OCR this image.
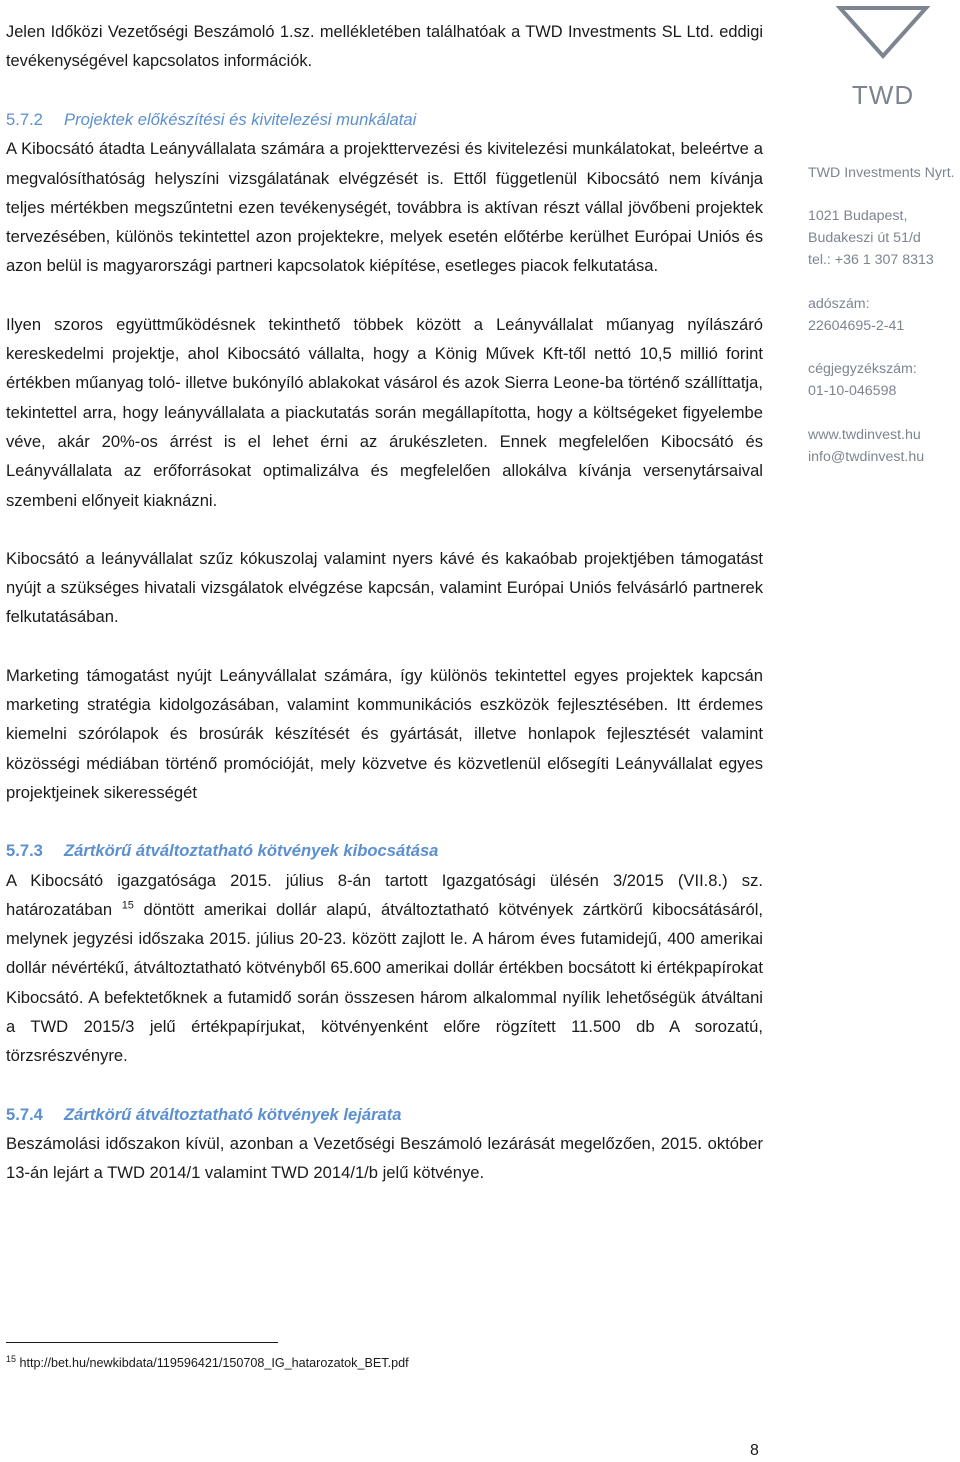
Jelen Időközi Vezetőségi Beszámoló 1.sz. mellékletében találhatóak a TWD Investments SL Ltd. eddigi tevékenységével kapcsolatos információk.

5.7.2 Projektek előkészítési és kivitelezési munkálatai

A Kibocsátó átadta Leányvállalata számára a projekttervezési és kivitelezési munkálatokat, beleértve a megvalósíthatóság helyszíni vizsgálatának elvégzését is. Ettől függetlenül Kibocsátó nem kívánja teljes mértékben megszűntetni ezen tevékenységét, továbbra is aktívan részt vállal jövőbeni projektek tervezésében, különös tekintettel azon projektekre, melyek esetén előtérbe kerülhet Európai Uniós és azon belül is magyarországi partneri kapcsolatok kiépítése, esetleges piacok felkutatása.

Ilyen szoros együttműködésnek tekinthető többek között a Leányvállalat műanyag nyílászáró kereskedelmi projektje, ahol Kibocsátó vállalta, hogy a König Művek Kft-től nettó 10,5 millió forint értékben műanyag toló- illetve bukónyíló ablakokat vásárol és azok Sierra Leone-ba történő szállíttatja, tekintettel arra, hogy leányvállalata a piackutatás során megállapította, hogy a költségeket figyelembe véve, akár 20%-os árrést is el lehet érni az árukészleten. Ennek megfelelően Kibocsátó és Leányvállalata az erőforrásokat optimalizálva és megfelelően allokálva kívánja versenytársaival szembeni előnyeit kiaknázni.

Kibocsátó a leányvállalat szűz kókuszolaj valamint nyers kávé és kakaóbab projektjében támogatást nyújt a szükséges hivatali vizsgálatok elvégzése kapcsán, valamint Európai Uniós felvásárló partnerek felkutatásában.

Marketing támogatást nyújt Leányvállalat számára, így különös tekintettel egyes projektek kapcsán marketing stratégia kidolgozásában, valamint kommunikációs eszközök fejlesztésében. Itt érdemes kiemelni szórólapok és brosúrák készítését és gyártását, illetve honlapok fejlesztését valamint közösségi médiában történő promócióját, mely közvetve és közvetlenül elősegíti Leányvállalat egyes projektjeinek sikerességét

5.7.3 Zártkörű átváltoztatható kötvények kibocsátása

A Kibocsátó igazgatósága 2015. július 8-án tartott Igazgatósági ülésén 3/2015 (VII.8.) sz. határozatában $^{15}$ döntött amerikai dollár alapú, átváltoztatható kötvények zártkörű kibocsátásáról, melynek jegyzési időszaka 2015. július 20-23. között zajlott le. A három éves futamidejű, 400 amerikai dollár névértékű, átváltoztatható kötvényből 65.600 amerikai dollár értékben bocsátott ki értékpapírokat Kibocsátó. A befektetőknek a futamidő során összesen három alkalommal nyílik lehetőségük átváltani a TWD 2015/3 jelű értékpapírjukat, kötvényenként előre rögzített 11.500 db A sorozatú, törzsrészvényre.

5.7.4 Zártkörű átváltoztatható kötvények lejárata

Beszámolási időszakon kívül, azonban a Vezetőségi Beszámoló lezárását megelőzően, 2015. október 13-án lejárt a TWD 2014/1 valamint TWD 2014/1/b jelű kötvénye.

$^{15}$ http://bet.hu/newkibdata/119596421/150708_IG_hatarozatok_BET.pdf
8
TWD
TWD Investments Nyrt.
1021 Budapest,
Budakeszi út 51/d
tel.: +36 1 307 8313
adószám:
22604695-2-41
cégjegyzékszám:
01-10-046598
www.twdinvest.hu
info@twdinvest.hu
